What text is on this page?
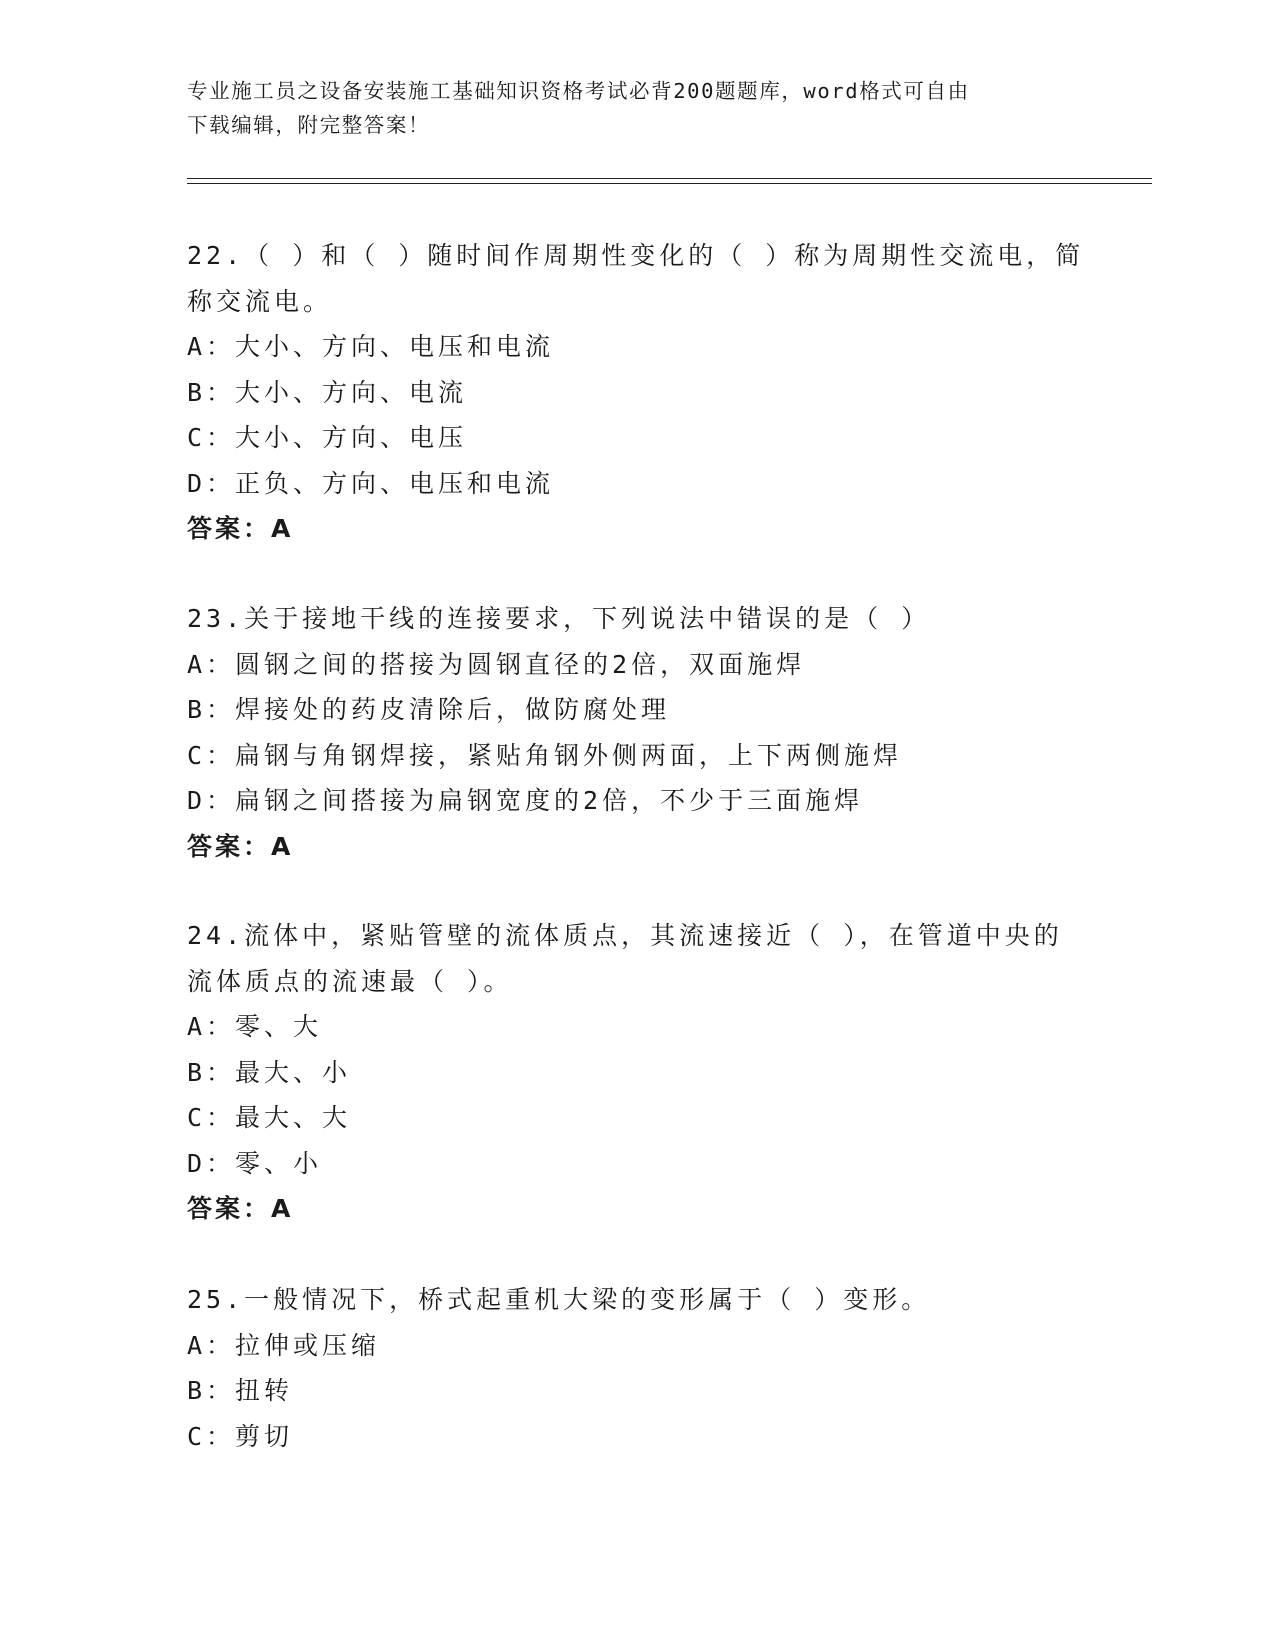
专业施工员之设备安装施工基础知识资格考试必背200题题库，word格式可自由
下载编辑，附完整答案！
22.（ ）和（ ）随时间作周期性变化的（ ）称为周期性交流电，简
称交流电。
A：大小、方向、电压和电流
B：大小、方向、电流
C：大小、方向、电压
D：正负、方向、电压和电流
答案：A
23.关于接地干线的连接要求，下列说法中错误的是（ ）
A：圆钢之间的搭接为圆钢直径的2倍，双面施焊
B：焊接处的药皮清除后，做防腐处理
C：扁钢与角钢焊接，紧贴角钢外侧两面，上下两侧施焊
D：扁钢之间搭接为扁钢宽度的2倍，不少于三面施焊
答案：A
24.流体中，紧贴管壁的流体质点，其流速接近（ ），在管道中央的
流体质点的流速最（ ）。
A：零、大
B：最大、小
C：最大、大
D：零、小
答案：A
25.一般情况下，桥式起重机大梁的变形属于（ ）变形。
A：拉伸或压缩
B：扭转
C：剪切
